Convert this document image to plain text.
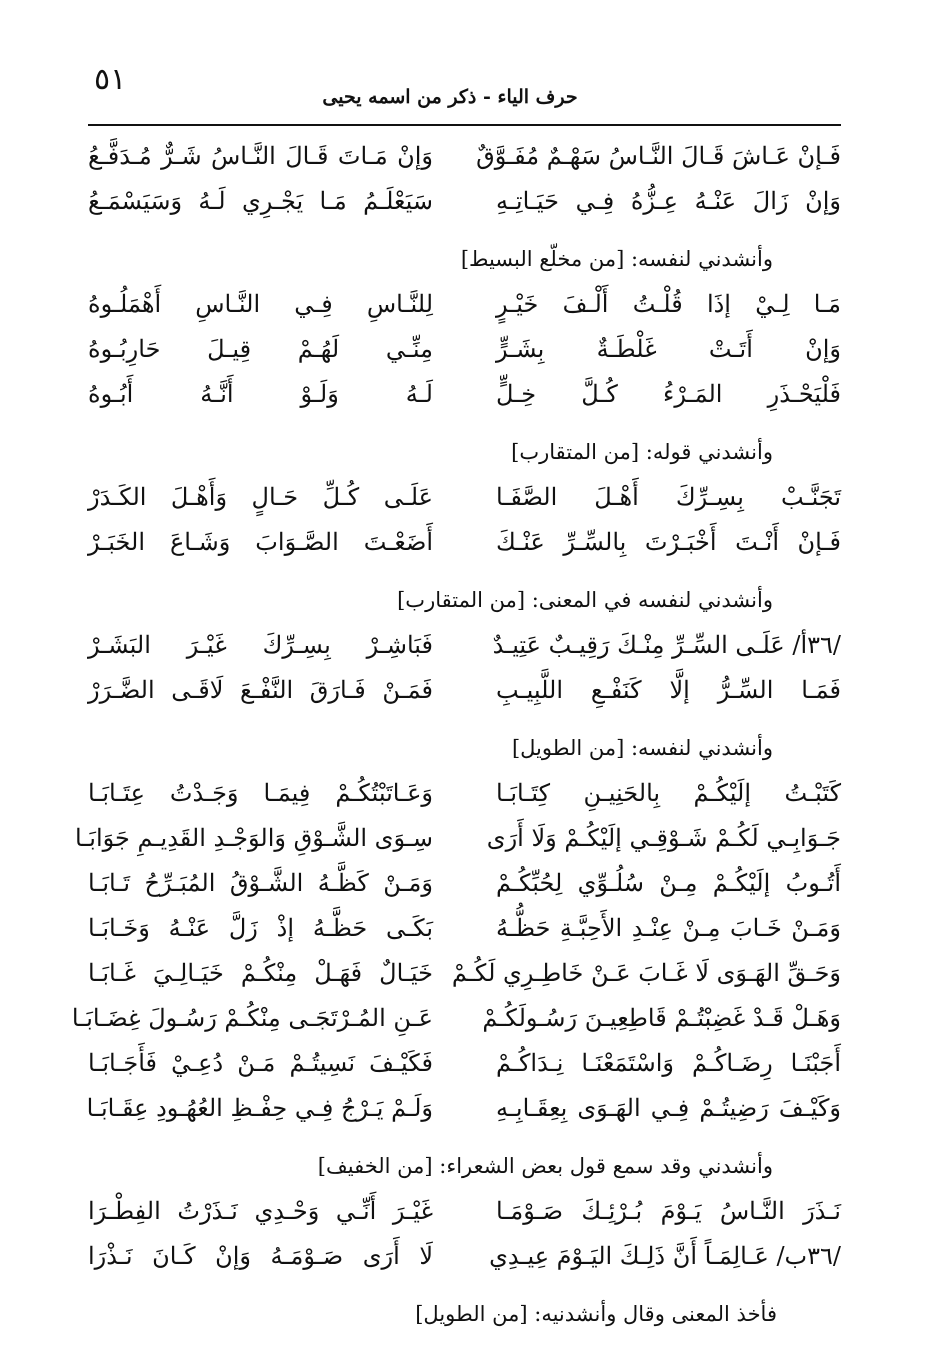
٥١	حرف الياء - ذكر من اسمه يحيى
فَـإنْ عَـاشَ قَـالَ النَّـاسُ سَهْـمٌ مُفَـوَّقٌ
وَإنْ مَـاتَ قَـالَ النَّـاسُ شَـرٌّ مُـدَفَّـعُ
وَإنْ زَالَ عَنْـهُ عِـزُّهُ فِـي حَيَـاتِـهِ
سَيَعْلَـمُ مَـا يَجْـرِي لَـهُ وَسَيَسْمَـعُ
وأنشدني لنفسه: [من مخلّع البسيط]
مَـا لِـيْ إذَا قُلْـتُ أَلْـفَ خَيْـرٍ
لِلنَّـاسِ فِـي النَّـاسِ أَهْمَلُـوهُ
وَإنْ أَتَـتْ غَلْطَـةٌ بِشَـرٍّ
مِنِّـي لَهُـمْ قِيـلَ حَارِبُـوهُ
فَلْيَحْـذَرِ المَـرْءُ كُـلَّ خِـلٍّ
لَـهُ وَلَـوْ أَنَّـهُ أَبُـوهُ
وأنشدني قوله: [من المتقارب]
تَجَنَّـبْ بِسِـرِّكَ أَهْـلَ الصَّفَـا
عَلَـى كُـلِّ حَـالٍ وَأَهْـلَ الكَـدَرْ
فَـإنْ أَنْـتَ أَخْبَـرْتَ بِالسِّـرِّ عَنْـكَ
أَضَعْـتَ الصَّـوَابَ وَشَـاعَ الخَبَـرْ
وأنشدني لنفسه في المعنى: [من المتقارب]
/٣٦أ/ عَلَـى السِّـرِّ مِنْـكَ رَقِيـبٌ عَتِيـدٌ
فَبَاشِـرْ بِسِـرِّكَ غَيْـرَ البَشَـرْ
فَمَـا السِّـرُّ إلَّا كَنَفْـعِ اللَّبِيـبِ
فَمَـنْ فَـارَقَ النَّفْـعَ لَاقَـى الضَّـرَرْ
وأنشدني لنفسه: [من الطويل]
كَتَبْـتُ إلَيْكُـمْ بِالحَنِيـنِ كِتَـابَـا
وَعَـاتَبْتُكُـمْ فِيمَـا وَجَـدْتُ عِتَـابَـا
جَـوَابِـي لَكُـمْ شَـوْقِـي إلَيْكُـمْ وَلَا أَرَى
سِـوَى الشَّـوْقِ وَالوَجْـدِ القَدِيـمِ جَوَابَـا
أَتُـوبُ إلَيْكُـمْ مِـنْ سُلُـوِّي لِحُبِّكُـمْ
وَمَـنْ كَظَّـهُ الشَّـوْقُ المُبَـرِّحُ تَـابَـا
وَمَـنْ خَـابَ مِـنْ عِنْـدِ الأَحِبَّـةِ حَظُّـهُ
بَكَـى حَظَّـهُ إذْ زَلَّ عَنْـهُ وَخَـابَـا
وَحَـقِّ الهَـوَى لَا غَـابَ عَـنْ خَاطِـرِي لَكُـمْ
خَيَـالٌ فَهَـلْ مِنْكُـمْ خَيَـالِـيَ غَـابَـا
وَهَـلْ قَـدْ غَضِبْتُـمْ قَاطِعِيـنَ رَسُـولَكُـمْ
عَـنِ المُـرْتَجَـى مِنْكُـمْ رَسُـولَ غِضَـابَـا
أَجَبْنَـا رِضَـاكُـمْ وَاسْتَمَعْنَـا نِـدَاكُـمْ
فَكَيْـفَ نَسِيتُـمْ مَـنْ دُعِـيْ فَأَجَـابَـا
وَكَيْـفَ رَضِيتُـمْ فِـي الهَـوَى بِعِقَـابِـهِ
وَلَـمْ يَـرْجُ فِـي حِفْـظِ العُهُـودِ عِقَـابَـا
وأنشدني وقد سمع قول بعض الشعراء: [من الخفيف]
نَـذَرَ النَّـاسُ يَـوْمَ بُـرْئِـكَ صَـوْمَـا
غَيْـرَ أَنِّـي وَحْـدِي نَـذَرْتُ الفِطْـرَا
/٣٦ب/ عَـالِمَـاً أَنَّ ذَلِـكَ اليَـوْمَ عِيـدِي
لَا أَرَى صَـوْمَـهُ وَإنْ كَـانَ نَـذْرَا
فأخذ المعنى وقال وأنشدنيه: [من الطويل]
